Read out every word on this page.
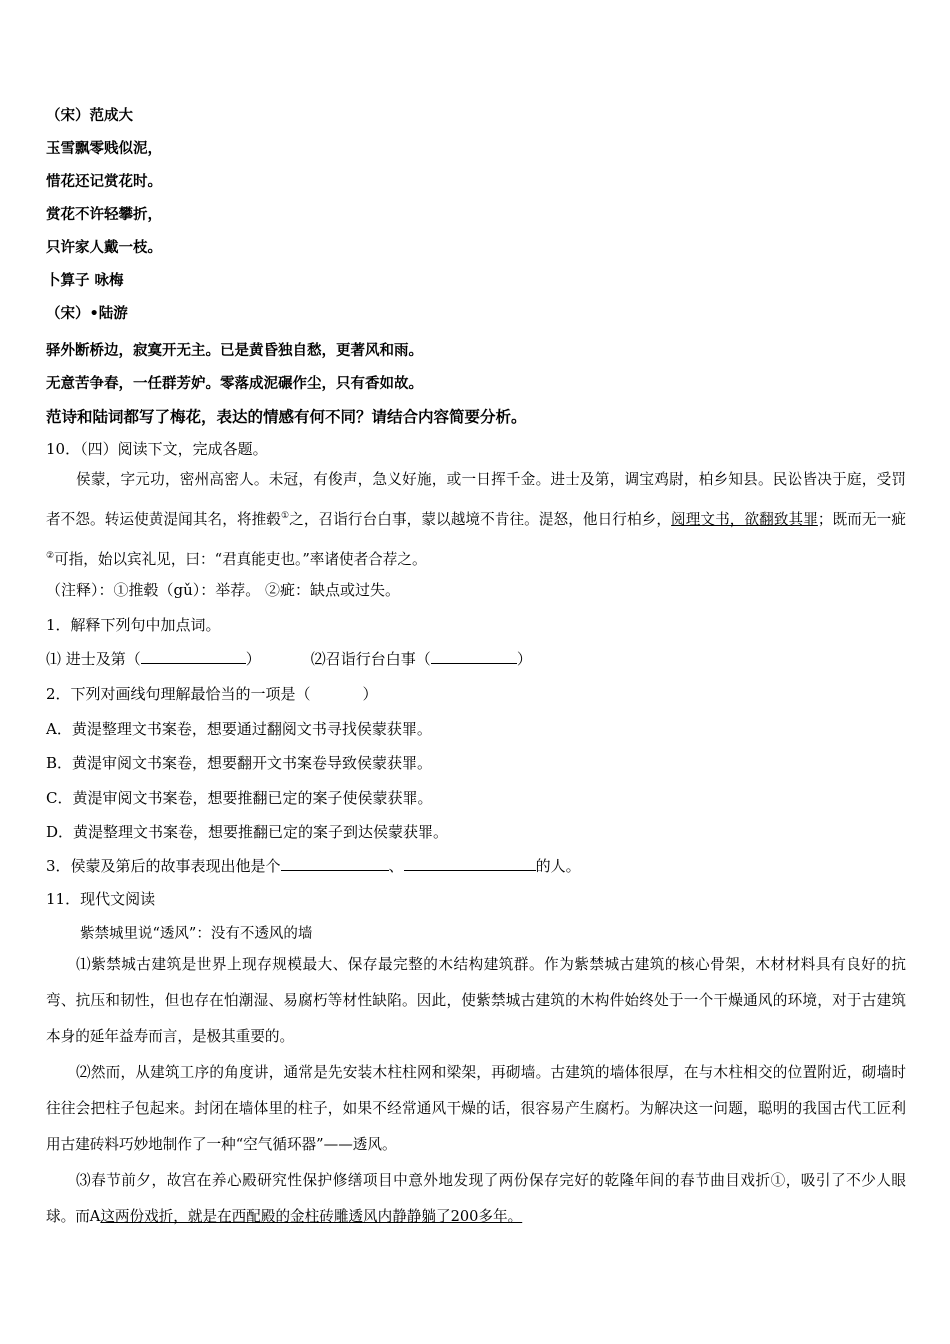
（宋）范成大
玉雪飘零贱似泥，
惜花还记赏花时。
赏花不许轻攀折，
只许家人戴一枝。
卜算子 咏梅
（宋）•陆游
驿外断桥边，寂寞开无主。已是黄昏独自愁，更著风和雨。
无意苦争春，一任群芳妒。零落成泥碾作尘，只有香如故。
范诗和陆词都写了梅花，表达的情感有何不同？请结合内容简要分析。
10．（四）阅读下文，完成各题。
侯蒙，字元功，密州高密人。未冠，有俊声，急义好施，或一日挥千金。进士及第，调宝鸡尉，柏乡知县。民讼皆决于庭，受罚者不怨。转运使黄湜闻其名，将推毂①之，召诣行台白事，蒙以越境不肯往。湜怒，他日行柏乡，阅理文书，欲翻致其罪；既而无一疵②可指，始以宾礼见，曰：“君真能吏也。”率诸使者合荐之。
（注释）：①推毂（gǔ）：举荐。 ②疵：缺点或过失。
1．解释下列句中加点词。
⑴ 进士及第（	）	⑵召诣行台白事（	）
2．下列对画线句理解最恰当的一项是（	）
A．黄湜整理文书案卷，想要通过翻阅文书寻找侯蒙获罪。
B．黄湜审阅文书案卷，想要翻开文书案卷导致侯蒙获罪。
C．黄湜审阅文书案卷，想要推翻已定的案子使侯蒙获罪。
D．黄湜整理文书案卷，想要推翻已定的案子到达侯蒙获罪。
3．侯蒙及第后的故事表现出他是个	、	的人。
11．现代文阅读
紫禁城里说“透风”：没有不透风的墙
⑴紫禁城古建筑是世界上现存规模最大、保存最完整的木结构建筑群。作为紫禁城古建筑的核心骨架，木材材料具有良好的抗弯、抗压和韧性，但也存在怕潮湿、易腐朽等材性缺陷。因此，使紫禁城古建筑的木构件始终处于一个干燥通风的环境，对于古建筑本身的延年益寿而言，是极其重要的。
⑵然而，从建筑工序的角度讲，通常是先安装木柱柱网和梁架，再砌墙。古建筑的墙体很厚，在与木柱相交的位置附近，砌墙时往往会把柱子包起来。封闭在墙体里的柱子，如果不经常通风干燥的话，很容易产生腐朽。为解决这一问题，聪明的我国古代工匠利用古建砖料巧妙地制作了一种“空气循环器”——透风。
⑶春节前夕，故宫在养心殿研究性保护修缮项目中意外地发现了两份保存完好的乾隆年间的春节曲目戏折①，吸引了不少人眼球。而A这两份戏折，就是在西配殿的金柱砖雕透风内静静躺了200多年。
